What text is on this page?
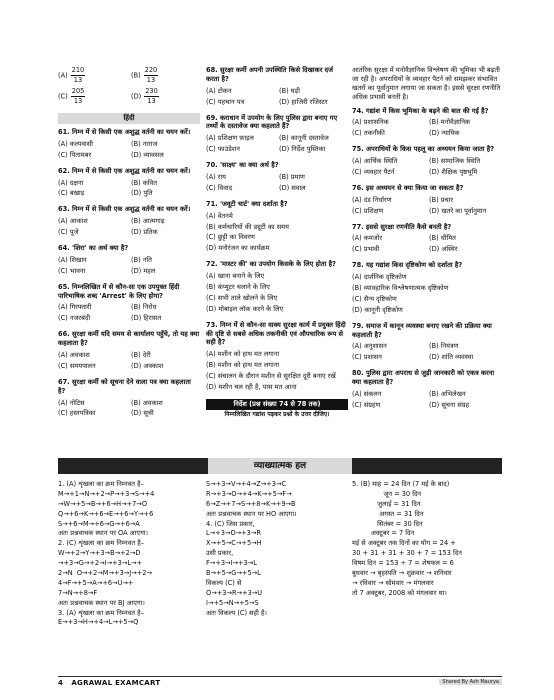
$(A) \frac{210}{13}$	$(B) \frac{220}{13}$
$(C) \frac{205}{13}$	$(D) \frac{230}{13}$
हिंदी
61. निम्न में से किसी एक अशुद्ध वर्तनी का चयन करें।
(A) कल्पवासी	(B) नाराज
(C) पितामबर	(D) व्यावसल
62. निम्न में से किसी एक अशुद्ध वर्तनी का चयन करें।
(A) दक्षना	(B) कवित
(C) बखाड़	(D) पुति
63. निम्न में से किसी एक अशुद्ध वर्तनी का चयन करें।
(A) आकाश	(B) आत्मगाढ़
(C) पूजे	(D) प्रतिक
64. 'शिरा' का अर्थ क्या है?
(A) शिखान	(B) नति
(C) भावना	(D) महल
65. निम्नलिखित में से कौन-सा एक उपयुक्त हिंदी पारिभाषिक शब्द 'Arrest' के लिए होगा?
(A) गिरफ्तारी	(B) निरोध
(C) नजरबंदी	(D) हिरासत
66. सुरक्षा कर्मी यदि समय से कार्यालय पहुँचे, तो यह क्या कहलाता है?
(A) अवकाश	(B) देरी
(C) समयपालन	(D) अवकाश
67. सुरक्षा कर्मी को सूचना देने वाला पत्र क्या कहलाता है?
(A) नोटिस	(B) अवकाश
(C) हस्तपत्रिका	(D) सूची
68. सुरक्षा कर्मी अपनी उपस्थिति किसे दिखाकर दर्ज करता है?
(A) टोकन	(B) घड़ी
(C) पहचान पत्र	(D) हाजिरी रजिस्टर
69. कराधान में उपयोग के लिए पुलिस द्वारा बनाए गए तथ्यों के दस्तावेज क्या कहलाते हैं?
(A) प्रशिक्षण फ़ाइल	(B) कानूनी दस्तावेज
(C) फाउंडेशन	(D) निर्देश पुस्तिका
70. 'साक्ष्य' का क्या अर्थ है?
(A) राय	(B) प्रमाण
(C) विवाद	(D) सवाल
71. 'जवूटी चार्ट' क्या दर्शाता है?
(A) वेतनमे
(B) कर्मचारियों की ड्यूटी का समय
(C) छुट्टी का विवरण
(D) मनोरंजन का कार्यक्रम
72. 'मास्टर की' का उपयोग किसके के लिए होता है?
(A) खाना बनाने के लिए
(B) कंप्यूटर चलाने के लिए
(C) सभी ताले खोलने के लिए
(D) मोबाइल लॉक करने के लिए
73. निम्न में से कौन-सा वाक्य सुरक्षा कार्य में प्रयुक्त हिंदी की दृष्टि से सबसे अधिक तकनीकी एवं औपचारिक रूप से सही है?
(A) मशीन को हाथ मत लगाना
(B) मशीन को हाथ मत लगाना
(C) संचालन के दौरान मशीन से सुरक्षित दूरी बनाए रखें
(D) मशीन चल रही है, पास मत आना
निर्देश (प्रश्न संख्या 74 से 78 तक)
निम्नलिखित गद्यांश पढ़कर प्रश्नों के उत्तर दीजिए।
आतंरिक सुरक्षा में मनोवैज्ञानिक विश्लेषण की भूमिका भी बढ़ती जा रही है। अपराधियों के व्यवहार पैटर्न को समझकर संभावित खतरों का पूर्वानुमान लगाया जा सकता है। इससे सुरक्षा रणनीति अधिक प्रभावी बनती है।
74. गद्यांश में किस भूमिका के बढ़ने की बात की गई है?
(A) प्रशासनिक	(B) मनोवैज्ञानिक
(C) तकनीकी	(D) न्यायिक
75. अपराधियों के किस पहलू का अध्ययन किया जाता है?
(A) आर्थिक स्थिति	(B) सामाजिक स्थिति
(C) व्यवहार पैटर्न	(D) शैक्षिक पृष्ठभूमि
76. इस अध्ययन से क्या किया जा सकता है?
(A) दंड निर्धारण	(B) प्रचार
(C) प्रशिक्षण	(D) खतरे का पूर्वानुमान
77. इससे सुरक्षा रणनीति कैसे बनती है?
(A) कमजोर	(B) धीमित
(C) प्रभावी	(D) अस्थिर
78. यह गद्यांश किस दृष्टिकोण को दर्शाता है?
(A) दार्शनिक दृष्टिकोण
(B) व्यावहारिक विश्लेषणात्मक दृष्टिकोण
(C) सैन्य दृष्टिकोण
(D) कानूनी दृष्टिकोण
79. समाज में कानून व्यवस्था बनाए रखने की प्रक्रिया क्या कहलाती है?
(A) अनुशासन	(B) नियंत्रण
(C) प्रशासन	(D) शांति व्यवस्था
80. पुलिस द्वारा अपराध से जुड़ी जानकारी को एकत्र करना क्या कहलाता है?
(A) संकलन	(B) अभिलेखन
(C) संग्रहण	(D) सूचना संग्रह
व्याख्यात्मक हल
1. (A) शृंखला का क्रम निम्नवत है–
M→+1→N→+2→P→+3→S→+4
→W→+5→B→+6→H→+7→O
Q→+6→K→+6→E→+6→Y→+6
S→+6→M→+6→G→+6→A
अतः प्रश्नवाचक स्थान पर OA आएगा।
2. (C) शृंखला का क्रम निम्नवत है–
W→+2→Y→+3→B→+2→D
→+3→G→+2→I→+3→L→+
2→N  O→+2→M→+3→J→+2→
4→F→+5→A→+6→U→+
7→N→+8→F
अतः प्रश्नवाचक स्थान पर BJ आएगा।
3. (A) शृंखला का क्रम निम्नवत है–
E→+3→H→+4→L→+5→Q
S→+3→V→+4→Z→+3→C
R→+3→O→+4→K→+5→F→
6→Z→+7→S→+8→K→+9→B
अतः प्रश्नवाचक स्थान पर HO आएगा।
4. (C) जिस प्रकार,
L→+3→O→+3→R
X→+5→C→+5→H
उसी प्रकार,
F→+3→I→+3→L
B→+5→G→+5→L
विकल्प (C) से
O→+3→R→+3→U
I→+5→N→+5→S
अतः विकल्प (C) सही है।
5. (B) माह = 24 दिन (7 मई के बाद)
जून = 30 दिन
जुलाई = 31 दिन
अगस्त = 31 दिन
सितंबर = 30 दिन
अक्टूबर = 7 दिन
मई से अक्टूबर तक दिनों का योग = 24 +
30 + 31 + 31 + 30 + 7 = 153 दिन
विषम दिन = 153 ÷ 7 = शेषफल = 6
बुधवार → बृहस्पति → शुक्रवार → शनिवार
→ रविवार → सोमवार → मंगलवार
तो 7 अक्टूबर, 2008 को मंगलवार था।
4 AGRAWAL EXAMCART	Shared By Ash Maurya
